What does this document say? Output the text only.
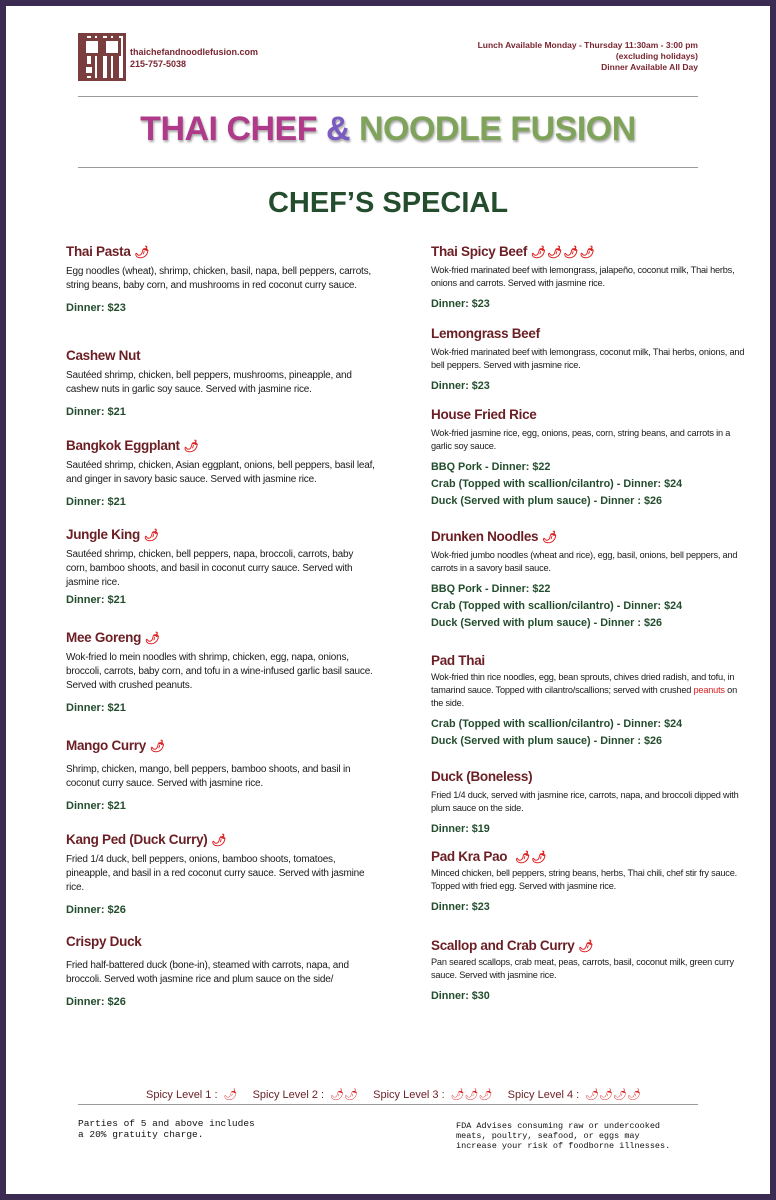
thaichefandnoodlefusion.com
215-757-5038
Lunch Available Monday - Thursday 11:30am - 3:00 pm
(excluding holidays)
Dinner Available All Day
THAI CHEF & NOODLE FUSION
CHEF’S SPECIAL
Thai Pasta 🌶
Egg noodles (wheat), shrimp, chicken, basil, napa, bell peppers, carrots, string beans, baby corn, and mushrooms in red coconut curry sauce.
Dinner: $23
Cashew Nut
Sautéed shrimp, chicken, bell peppers, mushrooms, pineapple, and cashew nuts in garlic soy sauce. Served with jasmine rice.
Dinner: $21
Bangkok Eggplant 🌶
Sautéed shrimp, chicken, Asian eggplant, onions, bell peppers, basil leaf, and ginger in savory basic sauce. Served with jasmine rice.
Dinner: $21
Jungle King 🌶
Sautéed shrimp, chicken, bell peppers, napa, broccoli, carrots, baby corn, bamboo shoots, and basil in coconut curry sauce. Served with jasmine rice.
Dinner: $21
Mee Goreng 🌶
Wok-fried lo mein noodles with shrimp, chicken, egg, napa, onions, broccoli, carrots, baby corn, and tofu in a wine-infused garlic basil sauce. Served with crushed peanuts.
Dinner: $21
Mango Curry 🌶
Shrimp, chicken, mango, bell peppers, bamboo shoots, and basil in coconut curry sauce. Served with jasmine rice.
Dinner: $21
Kang Ped (Duck Curry) 🌶
Fried 1/4 duck, bell peppers, onions, bamboo shoots, tomatoes, pineapple, and basil in a red coconut curry sauce. Served with jasmine rice.
Dinner: $26
Crispy Duck
Fried half-battered duck (bone-in), steamed with carrots, napa, and broccoli. Served woth jasmine rice and plum sauce on the side/
Dinner: $26
Thai Spicy Beef 🌶🌶🌶🌶
Wok-fried marinated beef with lemongrass, jalapeño, coconut milk, Thai herbs, onions and carrots. Served with jasmine rice.
Dinner: $23
Lemongrass Beef
Wok-fried marinated beef with lemongrass, coconut milk, Thai herbs, onions, and bell peppers. Served with jasmine rice.
Dinner: $23
House Fried Rice
Wok-fried jasmine rice, egg, onions, peas, corn, string beans, and carrots in a garlic soy sauce.
BBQ Pork - Dinner: $22
Crab (Topped with scallion/cilantro) - Dinner: $24
Duck (Served with plum sauce) - Dinner : $26
Drunken Noodles 🌶
Wok-fried jumbo noodles (wheat and rice), egg, basil, onions, bell peppers, and carrots in a savory basil sauce.
BBQ Pork - Dinner: $22
Crab (Topped with scallion/cilantro) - Dinner: $24
Duck (Served with plum sauce) - Dinner : $26
Pad Thai
Wok-fried thin rice noodles, egg, bean sprouts, chives dried radish, and tofu, in tamarind sauce. Topped with cilantro/scallions; served with crushed peanuts on the side.
Crab (Topped with scallion/cilantro) - Dinner: $24
Duck (Served with plum sauce) - Dinner : $26
Duck (Boneless)
Fried 1/4 duck, served with jasmine rice, carrots, napa, and broccoli dipped with plum sauce on the side.
Dinner: $19
Pad Kra Pao 🌶🌶
Minced chicken, bell peppers, string beans, herbs, Thai chili, chef stir fry sauce. Topped with fried egg. Served with jasmine rice.
Dinner: $23
Scallop and Crab Curry 🌶
Pan seared scallops, crab meat, peas, carrots, basil, coconut milk, green curry sauce. Served with jasmine rice.
Dinner: $30
Spicy Level 1 : 🌶 Spicy Level 2 : 🌶🌶 Spicy Level 3 : 🌶🌶🌶 Spicy Level 4 : 🌶🌶🌶🌶
Parties of 5 and above includes
a 20% gratuity charge.
FDA Advises consuming raw or undercooked
meats, poultry, seafood, or eggs may
increase your risk of foodborne illnesses.
